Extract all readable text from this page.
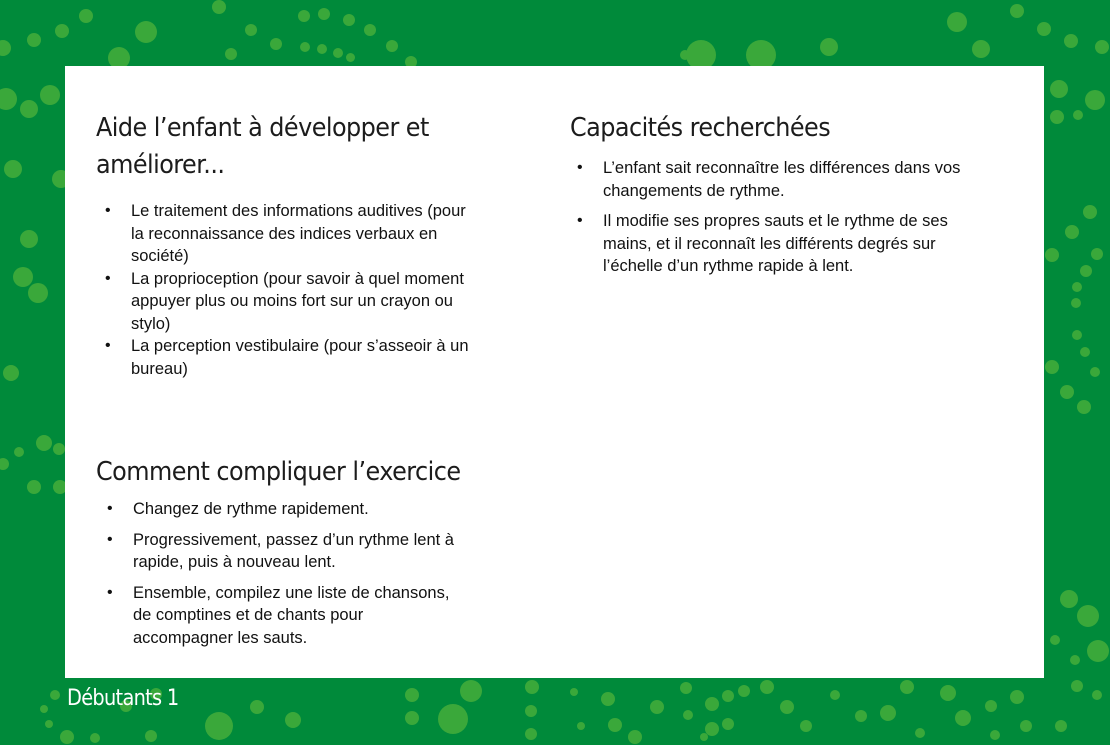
Aide l’enfant à développer et améliorer...
• Le traitement des informations auditives (pour la reconnaissance des indices verbaux en société)
• La proprioception (pour savoir à quel moment appuyer plus ou moins fort sur un crayon ou stylo)
• La perception vestibulaire (pour s’asseoir à un bureau)
Capacités recherchées
• L’enfant sait reconnaître les différences dans vos changements de rythme.
• Il modifie ses propres sauts et le rythme de ses mains, et il reconnaît les différents degrés sur l’échelle d’un rythme rapide à lent.
Comment compliquer l’exercice
• Changez de rythme rapidement.
• Progressivement, passez d’un rythme lent à rapide, puis à nouveau lent.
• Ensemble, compilez une liste de chansons, de comptines et de chants pour accompagner les sauts.
Débutants 1
